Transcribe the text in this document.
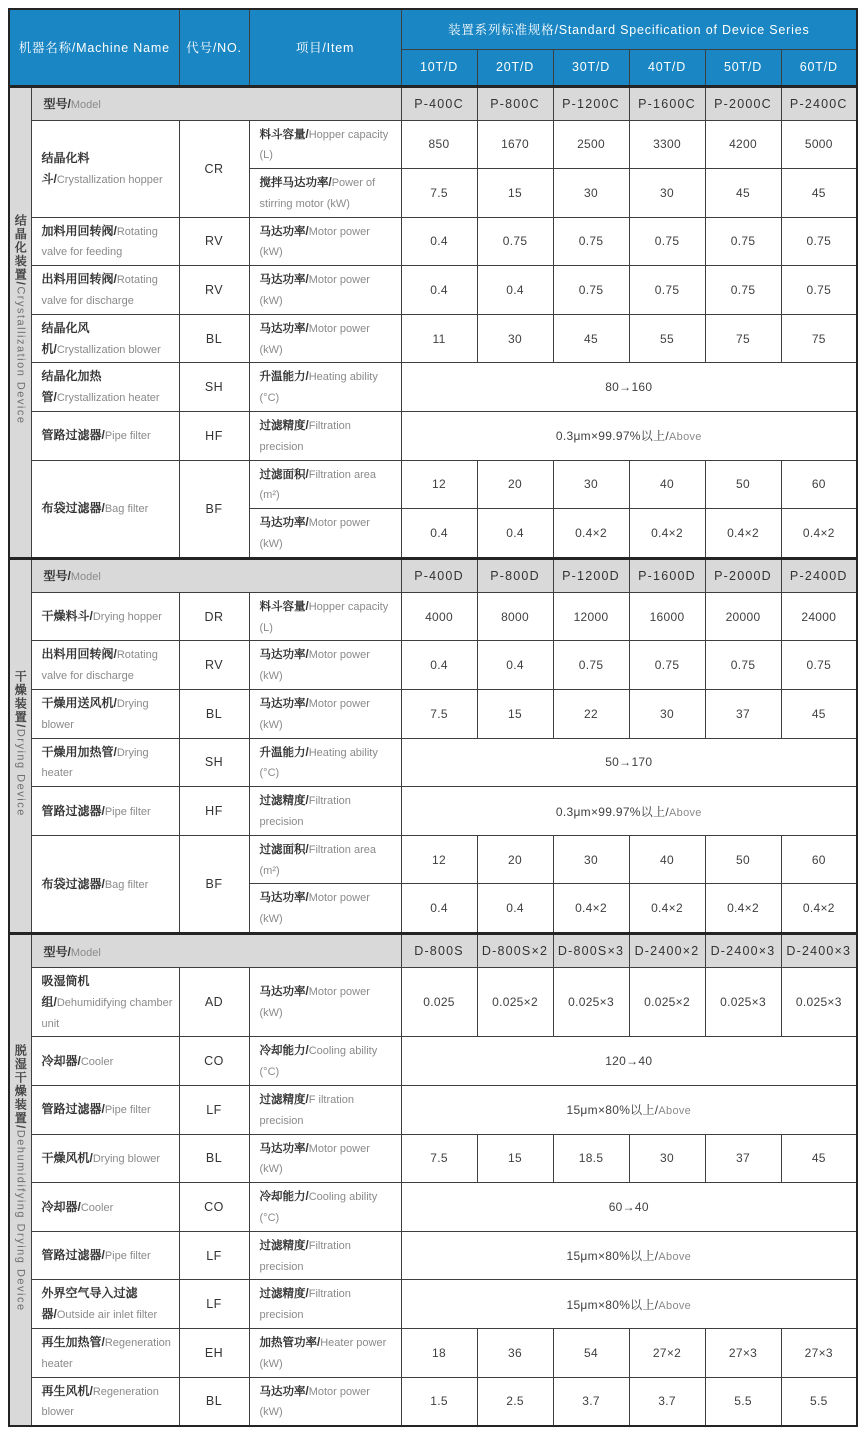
机器名称/Machine Name		代号/NO.	项目/Item	装置系列标准规格/Standard Specification of Device Series					
				10T/D	20T/D	30T/D	40T/D	50T/D	60T/D
结晶化装置/Crystallization Device	型号/Model			P-400C	P-800C	P-1200C	P-1600C	P-2000C	P-2400C
	结晶化料斗/Crystallization hopper	CR	料斗容量/Hopper capacity (L)	850	1670	2500	3300	4200	5000
			搅拌马达功率/Power of stirring motor (kW)	7.5	15	30	30	45	45
	加料用回转阀/Rotating valve for feeding	RV	马达功率/Motor power (kW)	0.4	0.75	0.75	0.75	0.75	0.75
	出料用回转阀/Rotating valve for discharge	RV	马达功率/Motor power (kW)	0.4	0.4	0.75	0.75	0.75	0.75
	结晶化风机/Crystallization blower	BL	马达功率/Motor power (kW)	11	30	45	55	75	75
	结晶化加热管/Crystallization heater	SH	升温能力/Heating ability (°C)	80→160					
	管路过滤器/Pipe filter	HF	过滤精度/Filtration precision	0.3μm×99.97%以上/Above					
	布袋过滤器/Bag filter	BF	过滤面积/Filtration area (m²)	12	20	30	40	50	60
			马达功率/Motor power (kW)	0.4	0.4	0.4×2	0.4×2	0.4×2	0.4×2
干燥装置/Drying Device	型号/Model			P-400D	P-800D	P-1200D	P-1600D	P-2000D	P-2400D
	干燥料斗/Drying hopper	DR	料斗容量/Hopper capacity (L)	4000	8000	12000	16000	20000	24000
	出料用回转阀/Rotating valve for discharge	RV	马达功率/Motor power (kW)	0.4	0.4	0.75	0.75	0.75	0.75
	干燥用送风机/Drying blower	BL	马达功率/Motor power (kW)	7.5	15	22	30	37	45
	干燥用加热管/Drying heater	SH	升温能力/Heating ability (°C)	50→170					
	管路过滤器/Pipe filter	HF	过滤精度/Filtration precision	0.3μm×99.97%以上/Above					
	布袋过滤器/Bag filter	BF	过滤面积/Filtration area (m²)	12	20	30	40	50	60
			马达功率/Motor power (kW)	0.4	0.4	0.4×2	0.4×2	0.4×2	0.4×2
脱湿干燥装置/Dehumidifying Drying Device	型号/Model			D-800S	D-800S×2	D-800S×3	D-2400×2	D-2400×3	D-2400×3
	吸湿筒机组/Dehumidifying chamber unit	AD	马达功率/Motor power (kW)	0.025	0.025×2	0.025×3	0.025×2	0.025×3	0.025×3
	冷却器/Cooler	CO	冷却能力/Cooling ability (°C)	120→40					
	管路过滤器/Pipe filter	LF	过滤精度/F iltration precision	15μm×80%以上/Above					
	干燥风机/Drying blower	BL	马达功率/Motor power (kW)	7.5	15	18.5	30	37	45
	冷却器/Cooler	CO	冷却能力/Cooling ability (°C)	60→40					
	管路过滤器/Pipe filter	LF	过滤精度/Filtration precision	15μm×80%以上/Above					
	外界空气导入过滤器/Outside air inlet filter	LF	过滤精度/Filtration precision	15μm×80%以上/Above					
	再生加热管/Regeneration heater	EH	加热管功率/Heater power (kW)	18	36	54	27×2	27×3	27×3
	再生风机/Regeneration blower	BL	马达功率/Motor power (kW)	1.5	2.5	3.7	3.7	5.5	5.5
